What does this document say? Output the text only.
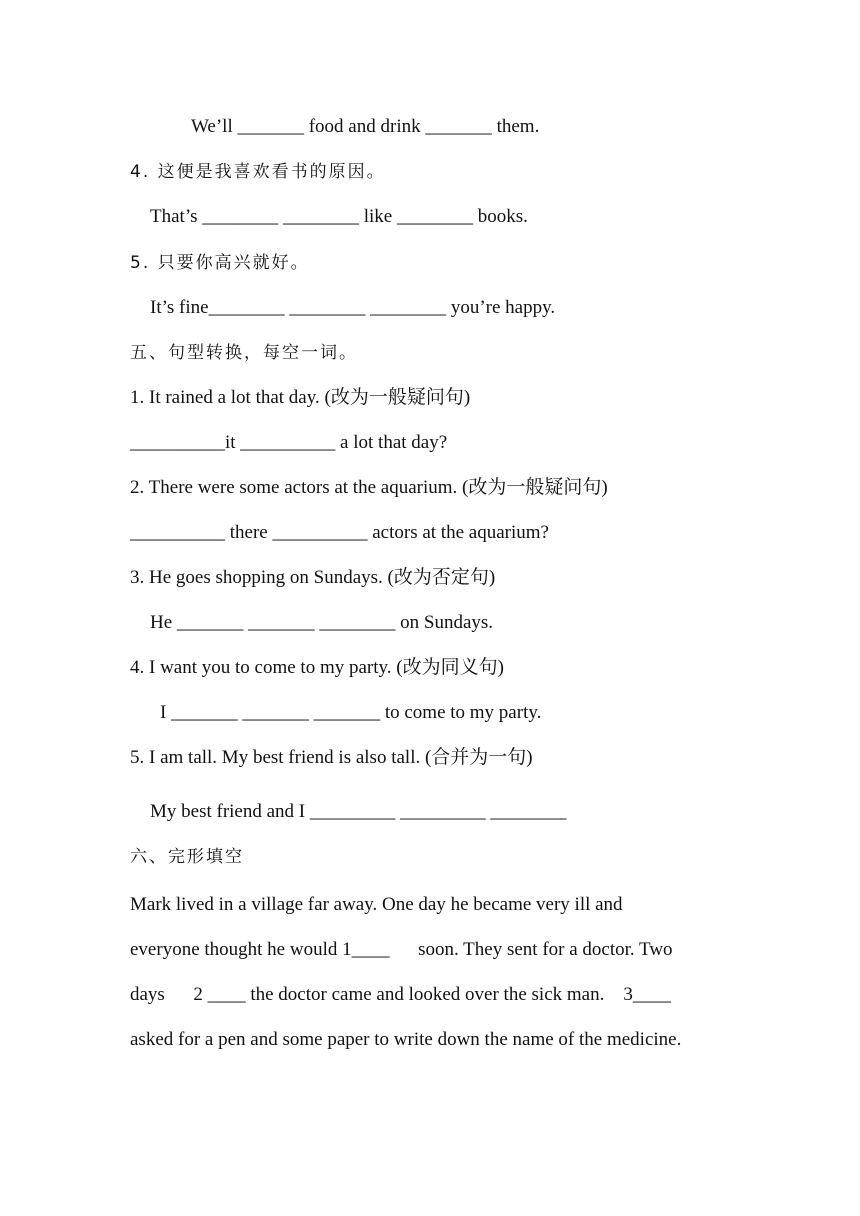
We’ll _______ food and drink _______ them.
4. 这便是我喜欢看书的原因。
That’s ________ ________ like ________ books.
5. 只要你高兴就好。
It’s fine________ ________ ________ you’re happy.
五、句型转换，每空一词。
1. It rained a lot that day. (改为一般疑问句)
__________it __________ a lot that day?
2. There were some actors at the aquarium. (改为一般疑问句)
__________ there __________ actors at the aquarium?
3. He goes shopping on Sundays. (改为否定句)
He _______ _______ ________ on Sundays.
4. I want you to come to my party. (改为同义句)
I _______ _______ _______ to come to my party.
5. I am tall. My best friend is also tall. (合并为一句)
My best friend and I _________ _________ ________
六、完形填空
Mark lived in a village far away. One day he became very ill and
everyone thought he would 1____      soon. They sent for a doctor. Two
days      2 ____ the doctor came and looked over the sick man.    3____
asked for a pen and some paper to write down the name of the medicine.
